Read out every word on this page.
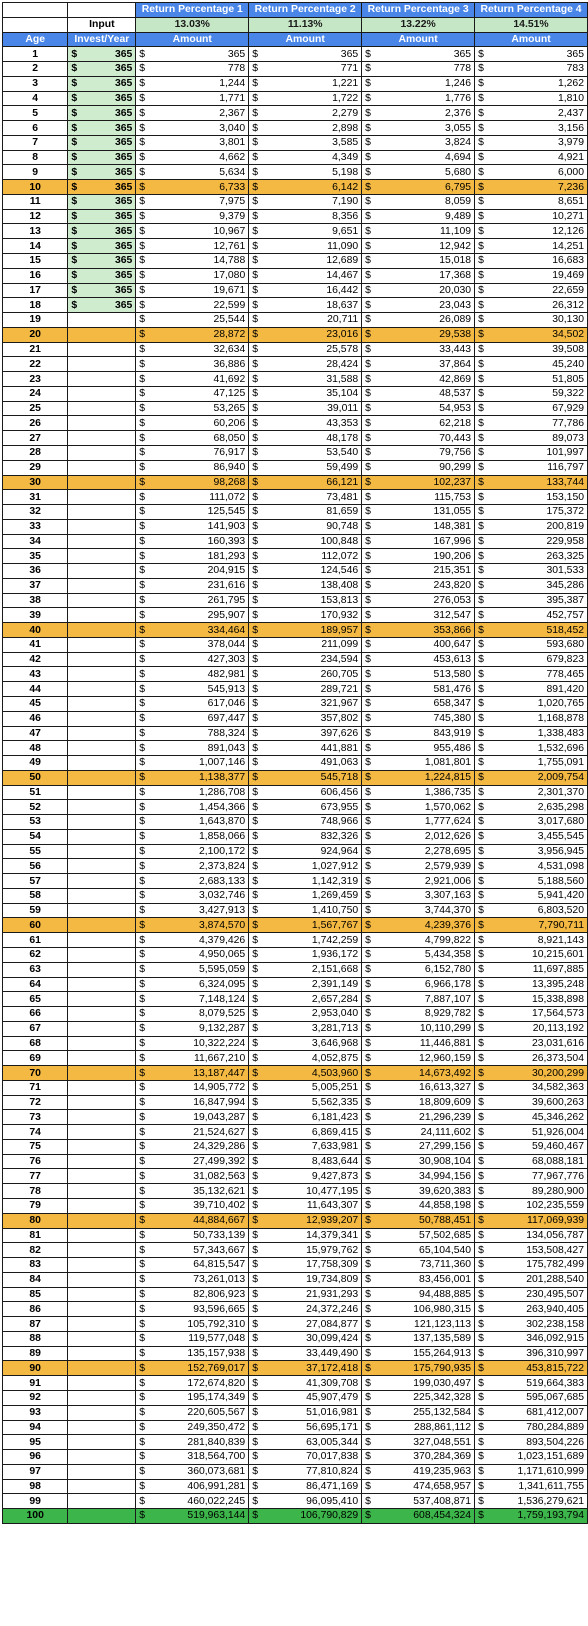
		Return Percentage 1	Return Percentage 2	Return Percentage 3	Return Percentage 4
	Input	13.03%	11.13%	13.22%	14.51%
Age	Invest/Year	Amount	Amount	Amount	Amount
1	$ 365	$ 365	$ 365	$ 365	$ 365

2	$ 365	$ 778	$ 771	$ 778	$ 783

3	$ 365	$ 1,244	$ 1,221	$ 1,246	$ 1,262

4	$ 365	$ 1,771	$ 1,722	$ 1,776	$ 1,810

5	$ 365	$ 2,367	$ 2,279	$ 2,376	$ 2,437

6	$ 365	$ 3,040	$ 2,898	$ 3,055	$ 3,156

7	$ 365	$ 3,801	$ 3,585	$ 3,824	$ 3,979

8	$ 365	$ 4,662	$ 4,349	$ 4,694	$ 4,921

9	$ 365	$ 5,634	$ 5,198	$ 5,680	$ 6,000

10	$ 365	$ 6,733	$ 6,142	$ 6,795	$ 7,236

11	$ 365	$ 7,975	$ 7,190	$ 8,059	$ 8,651

12	$ 365	$ 9,379	$ 8,356	$ 9,489	$ 10,271

13	$ 365	$ 10,967	$ 9,651	$ 11,109	$ 12,126

14	$ 365	$ 12,761	$ 11,090	$ 12,942	$ 14,251

15	$ 365	$ 14,788	$ 12,689	$ 15,018	$ 16,683

16	$ 365	$ 17,080	$ 14,467	$ 17,368	$ 19,469

17	$ 365	$ 19,671	$ 16,442	$ 20,030	$ 22,659

18	$ 365	$ 22,599	$ 18,637	$ 23,043	$ 26,312

19		$ 25,544	$ 20,711	$ 26,089	$ 30,130

20		$ 28,872	$ 23,016	$ 29,538	$ 34,502

21		$ 32,634	$ 25,578	$ 33,443	$ 39,508

22		$ 36,886	$ 28,424	$ 37,864	$ 45,240

23		$ 41,692	$ 31,588	$ 42,869	$ 51,805

24		$ 47,125	$ 35,104	$ 48,537	$ 59,322

25		$ 53,265	$ 39,011	$ 54,953	$ 67,929

26		$ 60,206	$ 43,353	$ 62,218	$ 77,786

27		$ 68,050	$ 48,178	$ 70,443	$ 89,073

28		$ 76,917	$ 53,540	$ 79,756	$ 101,997

29		$ 86,940	$ 59,499	$ 90,299	$ 116,797

30		$ 98,268	$ 66,121	$ 102,237	$ 133,744

31		$ 111,072	$ 73,481	$ 115,753	$ 153,150

32		$ 125,545	$ 81,659	$ 131,055	$ 175,372

33		$ 141,903	$ 90,748	$ 148,381	$ 200,819

34		$ 160,393	$ 100,848	$ 167,996	$ 229,958

35		$ 181,293	$ 112,072	$ 190,206	$ 263,325

36		$ 204,915	$ 124,546	$ 215,351	$ 301,533

37		$ 231,616	$ 138,408	$ 243,820	$ 345,286

38		$ 261,795	$ 153,813	$ 276,053	$ 395,387

39		$ 295,907	$ 170,932	$ 312,547	$ 452,757

40		$ 334,464	$ 189,957	$ 353,866	$ 518,452

41		$ 378,044	$ 211,099	$ 400,647	$ 593,680

42		$ 427,303	$ 234,594	$ 453,613	$ 679,823

43		$ 482,981	$ 260,705	$ 513,580	$ 778,465

44		$ 545,913	$ 289,721	$ 581,476	$ 891,420

45		$ 617,046	$ 321,967	$ 658,347	$ 1,020,765

46		$ 697,447	$ 357,802	$ 745,380	$ 1,168,878

47		$ 788,324	$ 397,626	$ 843,919	$ 1,338,483

48		$ 891,043	$ 441,881	$ 955,486	$ 1,532,696

49		$ 1,007,146	$ 491,063	$ 1,081,801	$ 1,755,091

50		$ 1,138,377	$ 545,718	$ 1,224,815	$ 2,009,754

51		$ 1,286,708	$ 606,456	$ 1,386,735	$ 2,301,370

52		$ 1,454,366	$ 673,955	$ 1,570,062	$ 2,635,298

53		$ 1,643,870	$ 748,966	$ 1,777,624	$ 3,017,680

54		$ 1,858,066	$ 832,326	$ 2,012,626	$ 3,455,545

55		$ 2,100,172	$ 924,964	$ 2,278,695	$ 3,956,945

56		$ 2,373,824	$ 1,027,912	$ 2,579,939	$ 4,531,098

57		$ 2,683,133	$ 1,142,319	$ 2,921,006	$ 5,188,560

58		$ 3,032,746	$ 1,269,459	$ 3,307,163	$ 5,941,420

59		$ 3,427,913	$ 1,410,750	$ 3,744,370	$ 6,803,520

60		$ 3,874,570	$ 1,567,767	$ 4,239,376	$ 7,790,711

61		$ 4,379,426	$ 1,742,259	$ 4,799,822	$ 8,921,143

62		$ 4,950,065	$ 1,936,172	$ 5,434,358	$ 10,215,601

63		$ 5,595,059	$ 2,151,668	$ 6,152,780	$ 11,697,885

64		$ 6,324,095	$ 2,391,149	$ 6,966,178	$ 13,395,248

65		$ 7,148,124	$ 2,657,284	$ 7,887,107	$ 15,338,898

66		$ 8,079,525	$ 2,953,040	$ 8,929,782	$ 17,564,573

67		$ 9,132,287	$ 3,281,713	$ 10,110,299	$ 20,113,192

68		$ 10,322,224	$ 3,646,968	$ 11,446,881	$ 23,031,616

69		$ 11,667,210	$ 4,052,875	$ 12,960,159	$ 26,373,504

70		$ 13,187,447	$ 4,503,960	$ 14,673,492	$ 30,200,299

71		$ 14,905,772	$ 5,005,251	$ 16,613,327	$ 34,582,363

72		$ 16,847,994	$ 5,562,335	$ 18,809,609	$ 39,600,263

73		$ 19,043,287	$ 6,181,423	$ 21,296,239	$ 45,346,262

74		$ 21,524,627	$ 6,869,415	$ 24,111,602	$ 51,926,004

75		$ 24,329,286	$ 7,633,981	$ 27,299,156	$ 59,460,467

76		$ 27,499,392	$ 8,483,644	$ 30,908,104	$ 68,088,181

77		$ 31,082,563	$ 9,427,873	$ 34,994,156	$ 77,967,776

78		$ 35,132,621	$ 10,477,195	$ 39,620,383	$ 89,280,900

79		$ 39,710,402	$ 11,643,307	$ 44,858,198	$ 102,235,559

80		$ 44,884,667	$ 12,939,207	$ 50,788,451	$ 117,069,939

81		$ 50,733,139	$ 14,379,341	$ 57,502,685	$ 134,056,787

82		$ 57,343,667	$ 15,979,762	$ 65,104,540	$ 153,508,427

83		$ 64,815,547	$ 17,758,309	$ 73,711,360	$ 175,782,499

84		$ 73,261,013	$ 19,734,809	$ 83,456,001	$ 201,288,540

85		$ 82,806,923	$ 21,931,293	$ 94,488,885	$ 230,495,507

86		$ 93,596,665	$ 24,372,246	$ 106,980,315	$ 263,940,405

87		$ 105,792,310	$ 27,084,877	$ 121,123,113	$ 302,238,158

88		$ 119,577,048	$ 30,099,424	$ 137,135,589	$ 346,092,915

89		$ 135,157,938	$ 33,449,490	$ 155,264,913	$ 396,310,997

90		$ 152,769,017	$ 37,172,418	$ 175,790,935	$ 453,815,722

91		$ 172,674,820	$ 41,309,708	$ 199,030,497	$ 519,664,383

92		$ 195,174,349	$ 45,907,479	$ 225,342,328	$ 595,067,685

93		$ 220,605,567	$ 51,016,981	$ 255,132,584	$ 681,412,007

94		$ 249,350,472	$ 56,695,171	$ 288,861,112	$ 780,284,889

95		$ 281,840,839	$ 63,005,344	$ 327,048,551	$ 893,504,226

96		$ 318,564,700	$ 70,017,838	$ 370,284,369	$ 1,023,151,689

97		$ 360,073,681	$ 77,810,824	$ 419,235,963	$ 1,171,610,999

98		$ 406,991,281	$ 86,471,169	$ 474,658,957	$ 1,341,611,755

99		$ 460,022,245	$ 96,095,410	$ 537,408,871	$ 1,536,279,621

100		$ 519,963,144	$ 106,790,829	$ 608,454,324	$ 1,759,193,794
